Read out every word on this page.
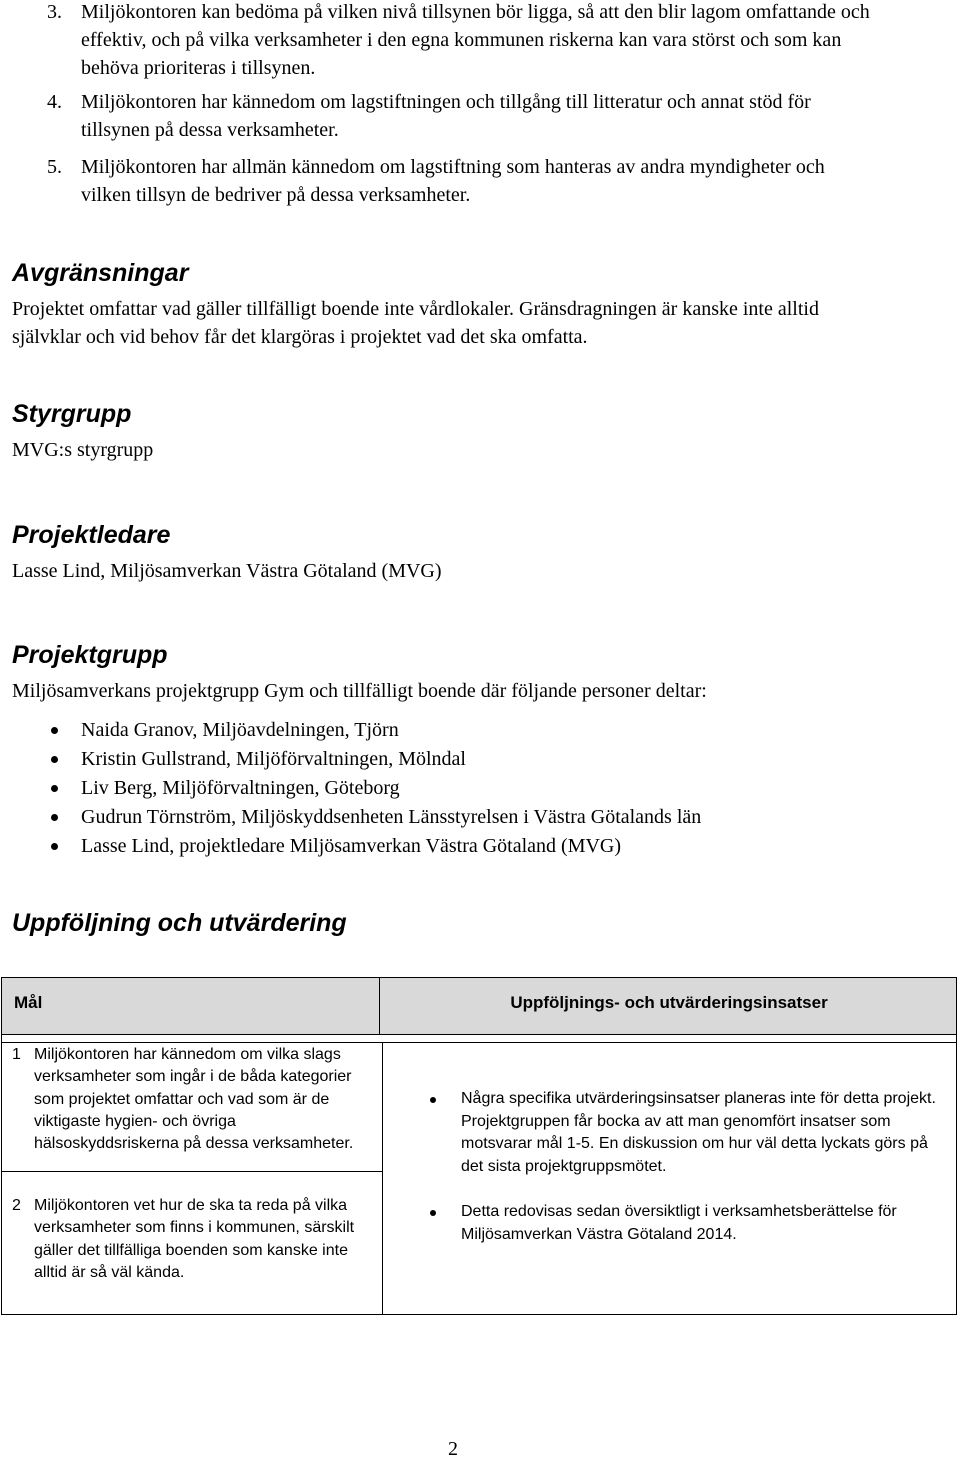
3. Miljökontoren kan bedöma på vilken nivå tillsynen bör ligga, så att den blir lagom omfattande och effektiv, och på vilka verksamheter i den egna kommunen riskerna kan vara störst och som kan behöva prioriteras i tillsynen.
4. Miljökontoren har kännedom om lagstiftningen och tillgång till litteratur och annat stöd för tillsynen på dessa verksamheter.
5. Miljökontoren har allmän kännedom om lagstiftning som hanteras av andra myndigheter och vilken tillsyn de bedriver på dessa verksamheter.
Avgränsningar

Projektet omfattar vad gäller tillfälligt boende inte vårdlokaler. Gränsdragningen är kanske inte alltid självklar och vid behov får det klargöras i projektet vad det ska omfatta.

Styrgrupp

MVG:s styrgrupp

Projektledare

Lasse Lind, Miljösamverkan Västra Götaland (MVG)

Projektgrupp

Miljösamverkans projektgrupp Gym och tillfälligt boende där följande personer deltar:

Naida Granov, Miljöavdelningen, Tjörn
Kristin Gullstrand, Miljöförvaltningen, Mölndal
Liv Berg, Miljöförvaltningen, Göteborg
Gudrun Törnström, Miljöskyddsenheten Länsstyrelsen i Västra Götalands län
Lasse Lind, projektledare Miljösamverkan Västra Götaland (MVG)
Uppföljning och utvärdering
Mål	Uppföljnings- och utvärderingsinsatser
1 Miljökontoren har kännedom om vilka slags verksamheter som ingår i de båda kategorier som projektet omfattar och vad som är de viktigaste hygien- och övriga hälsoskyddsriskerna på dessa verksamheter.
2 Miljökontoren vet hur de ska ta reda på vilka verksamheter som finns i kommunen, särskilt gäller det tillfälliga boenden som kanske inte alltid är så väl kända.
Några specifika utvärderingsinsatser planeras inte för detta projekt. Projektgruppen får bocka av att man genomfört insatser som motsvarar mål 1-5. En diskussion om hur väl detta lyckats görs på det sista projektgruppsmötet.
Detta redovisas sedan översiktligt i verksamhetsberättelse för Miljösamverkan Västra Götaland 2014.
2
